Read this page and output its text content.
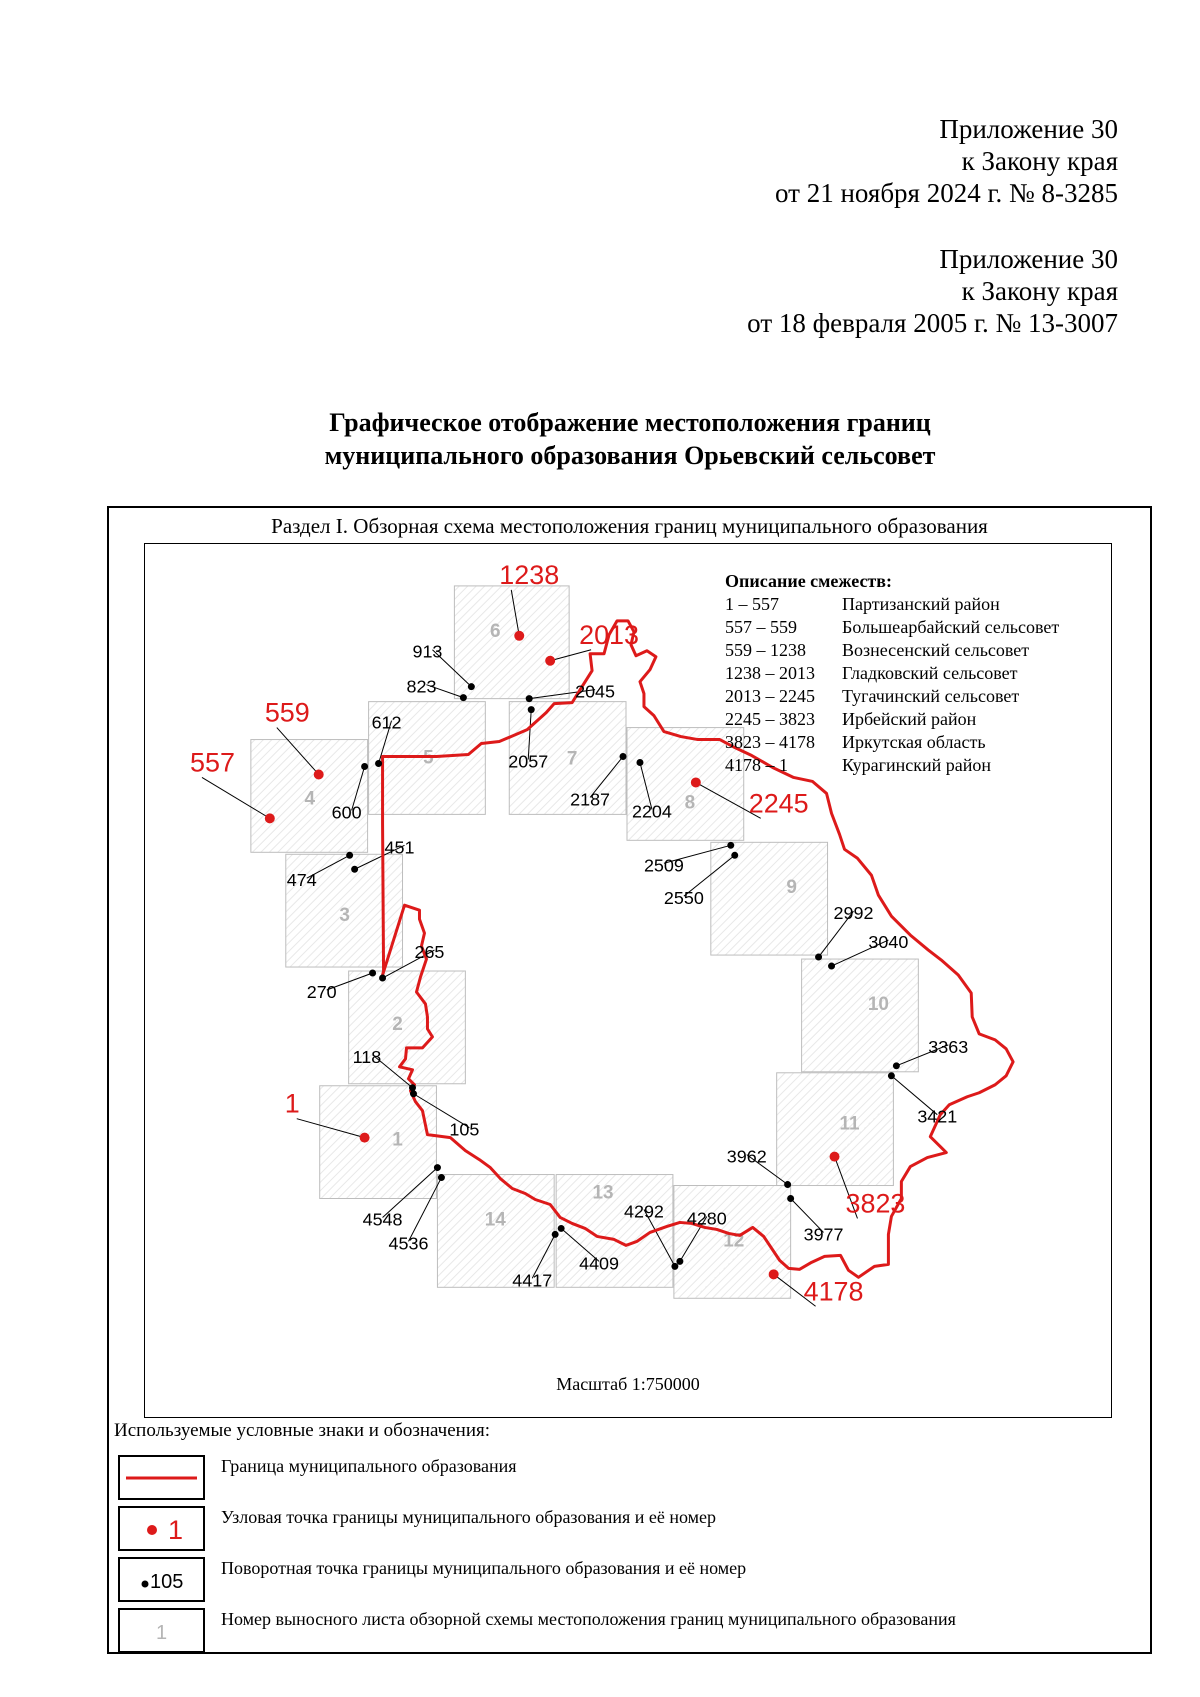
Приложение 30
к Закону края
от 21 ноября 2024 г. № 8-3285
Приложение 30
к Закону края
от 18 февраля 2005 г. № 13-3007
Графическое отображение местоположения границ
муниципального образования Орьевский сельсовет
Раздел I. Обзорная схема местоположения границ муниципального образования
1
2
3
4
5
6
7
8
9
10
11
12
13
14
105
118
270
265
474
451
600
612
823
913
2045
2057
2187
2204
2509
2550
2992
3040
3363
3421
3962
3977
4292 4280
4409
4417
4536
4548
1
557
559
1238
2013
2245
3823
4178
Описание смежеств:
1 – 557	Партизанский район
557 – 559	Большеарбайский сельсовет
559 – 1238	Вознесенский сельсовет
1238 – 2013	Гладковский сельсовет
2013 – 2245	Тугачинский сельсовет
2245 – 3823	Ирбейский район
3823 – 4178	Иркутская область
4178 – 1	Курагинский район
Масштаб 1:750000
Используемые условные знаки и обозначения:
Граница муниципального образования
1 Узловая точка границы муниципального образования и её номер
105
Поворотная точка границы муниципального образования и её номер
1
Номер выносного листа обзорной схемы местоположения границ муниципального образования
